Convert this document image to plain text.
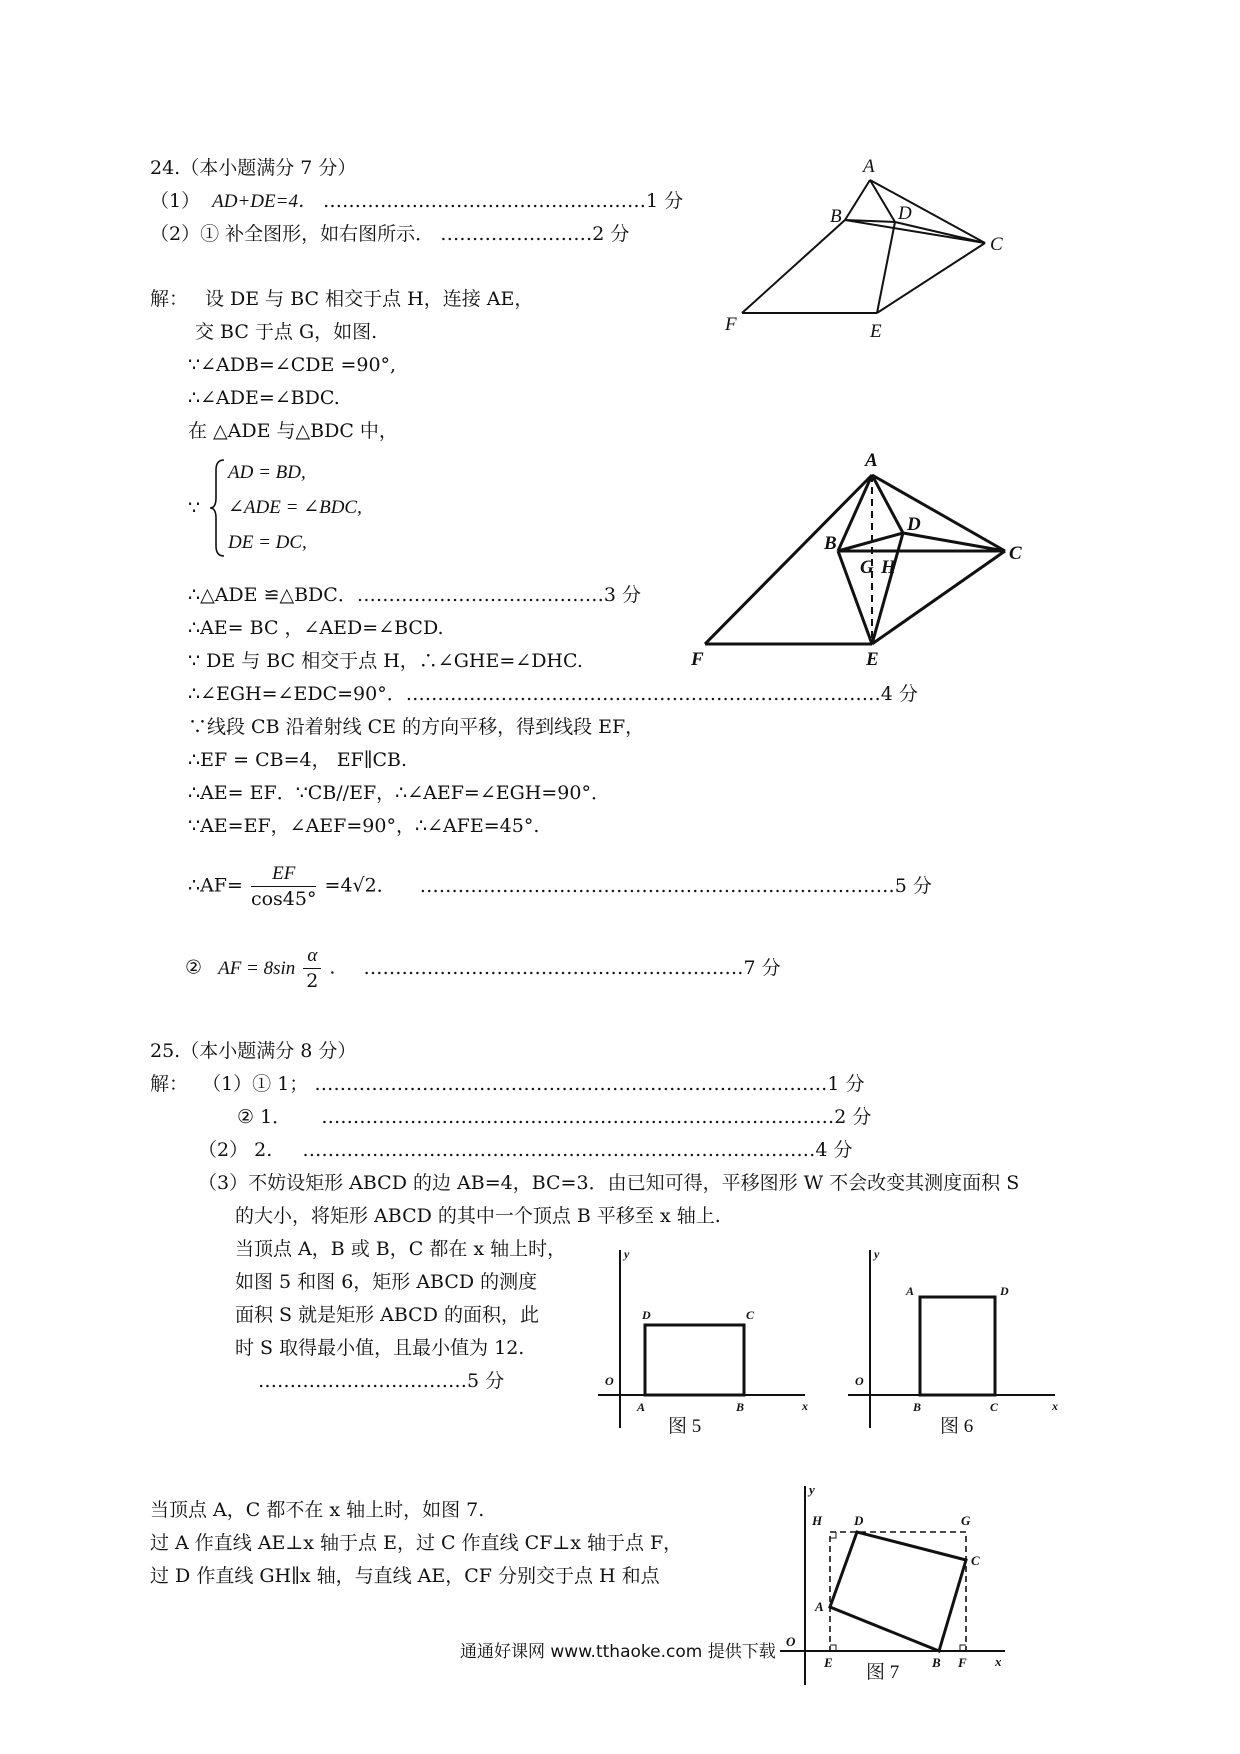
24.（本小题满分 7 分）
（1） AD+DE=4． ……………………………………………1 分
（2）① 补全图形，如右图所示． ……………………2 分
解： 设 DE 与 BC 相交于点 H，连接 AE，
交 BC 于点 G，如图.
∵∠ADB=∠CDE =90°,
∴∠ADE=∠BDC.
在 △ADE 与△BDC 中，
∵
AD = BD,
∠ADE = ∠BDC,
DE = DC,
∴△ADE ≌△BDC．…………………………………3 分
∴AE= BC ，∠AED=∠BCD.
∵ DE 与 BC 相交于点 H，∴∠GHE=∠DHC.
∴∠EGH=∠EDC=90°．…………………………………………………………………4 分
∵线段 CB 沿着射线 CE 的方向平移，得到线段 EF，
∴EF = CB=4， EF∥CB.
∴AE= EF．∵CB//EF，∴∠AEF=∠EGH=90°．
∵AE=EF，∠AEF=90°，∴∠AFE=45°.
∴AF= $\frac{EF}{\cos 45^\circ} =4√2$． …………………………………………………………………5 分
② AF = $8\sin \frac{\alpha}{2}$ . ……………………………………………………7 分
A
B
C
D
E
F
A
B	C
D
E
F
G H
25.（本小题满分 8 分）
解： （1）① 1； ………………………………………………………………………1 分
② 1． ………………………………………………………………………2 分
（2） 2. ………………………………………………………………………4 分
（3）不妨设矩形 ABCD 的边 AB=4，BC=3．由已知可得，平移图形 W 不会改变其测度面积 S
的大小，将矩形 ABCD 的其中一个顶点 B 平移至 x 轴上.
当顶点 A，B 或 B，C 都在 x 轴上时，
如图 5 和图 6，矩形 ABCD 的测度
面积 S 就是矩形 ABCD 的面积，此
时 S 取得最小值，且最小值为 12.
……………………………5 分
y
x
O
A	B
C
D
图 5
y
x
O
A
B	C
D
图 6
当顶点 A，C 都不在 x 轴上时，如图 7.
过 A 作直线 AE⊥x 轴于点 E，过 C 作直线 CF⊥x 轴于点 F，
过 D 作直线 GH∥x 轴，与直线 AE，CF 分别交于点 H 和点
y
x
O
A
B
C
D
E	F
G
H
图 7
通通好课网 www.tthaoke.com 提供下载
